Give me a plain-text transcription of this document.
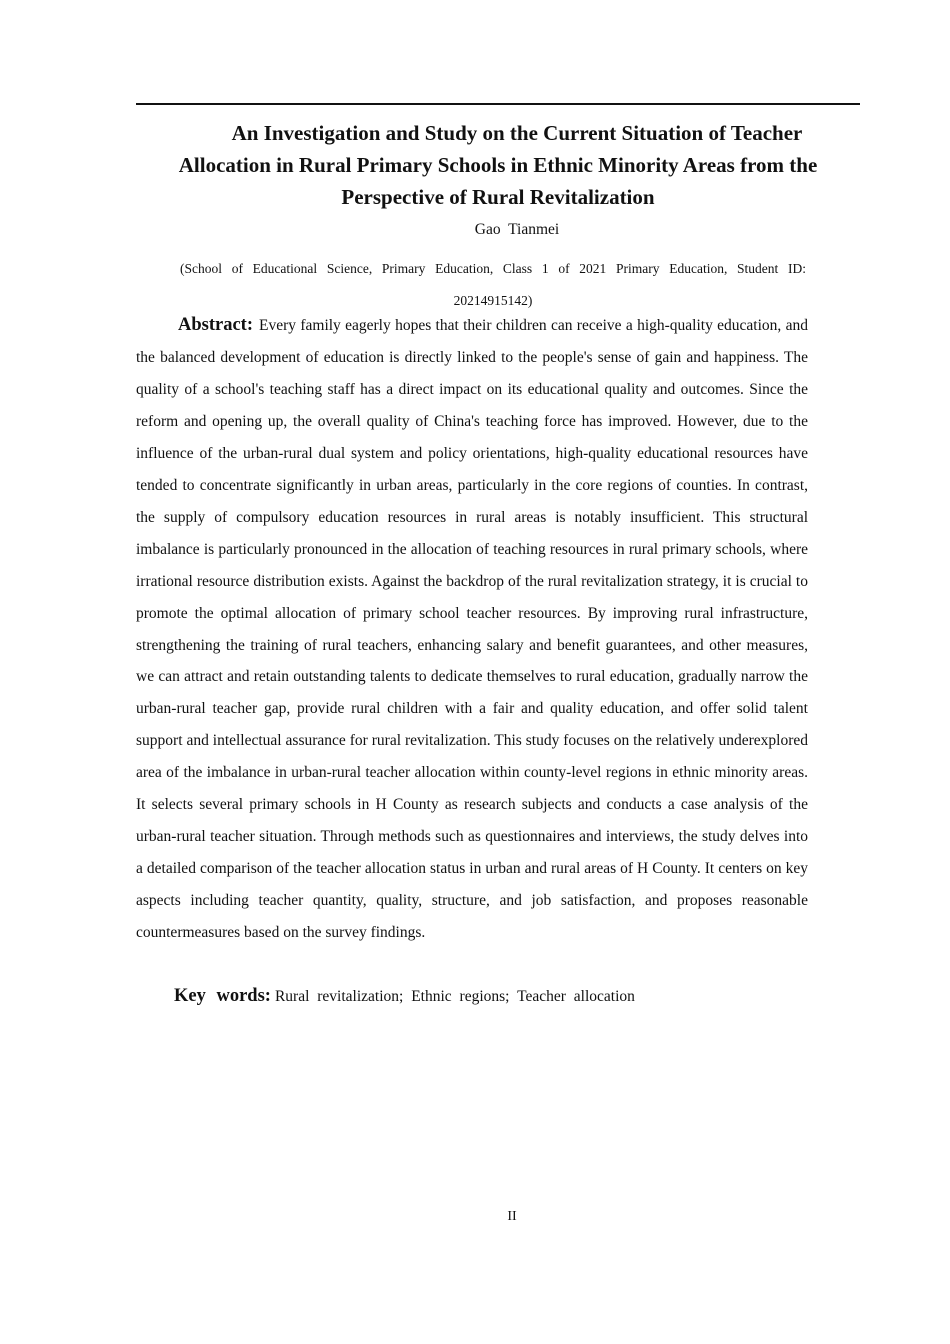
An Investigation and Study on the Current Situation of Teacher
Allocation in Rural Primary Schools in Ethnic Minority Areas from the
Perspective of Rural Revitalization
Gao  Tianmei
(School of Educational Science, Primary Education, Class 1 of 2021 Primary Education, Student ID:
20214915142)

Abstract: Every family eagerly hopes that their children can receive a high-quality education, and the balanced development of education is directly linked to the people's sense of gain and happiness. The quality of a school's teaching staff has a direct impact on its educational quality and outcomes. Since the reform and opening up, the overall quality of China's teaching force has improved. However, due to the influence of the urban-rural dual system and policy orientations, high-quality educational resources have tended to concentrate significantly in urban areas, particularly in the core regions of counties. In contrast, the supply of compulsory education resources in rural areas is notably insufficient. This structural imbalance is particularly pronounced in the allocation of teaching resources in rural primary schools, where irrational resource distribution exists. Against the backdrop of the rural revitalization strategy, it is crucial to promote the optimal allocation of primary school teacher resources. By improving rural infrastructure, strengthening the training of rural teachers, enhancing salary and benefit guarantees, and other measures, we can attract and retain outstanding talents to dedicate themselves to rural education, gradually narrow the urban-rural teacher gap, provide rural children with a fair and quality education, and offer solid talent support and intellectual assurance for rural revitalization. This study focuses on the relatively underexplored area of the imbalance in urban-rural teacher allocation within county-level regions in ethnic minority areas. It selects several primary schools in H County as research subjects and conducts a case analysis of the urban-rural teacher situation. Through methods such as questionnaires and interviews, the study delves into a detailed comparison of the teacher allocation status in urban and rural areas of H County. It centers on key aspects including teacher quantity, quality, structure, and job satisfaction, and proposes reasonable countermeasures based on the survey findings.

Key words: Rural revitalization; Ethnic regions; Teacher allocation

II
